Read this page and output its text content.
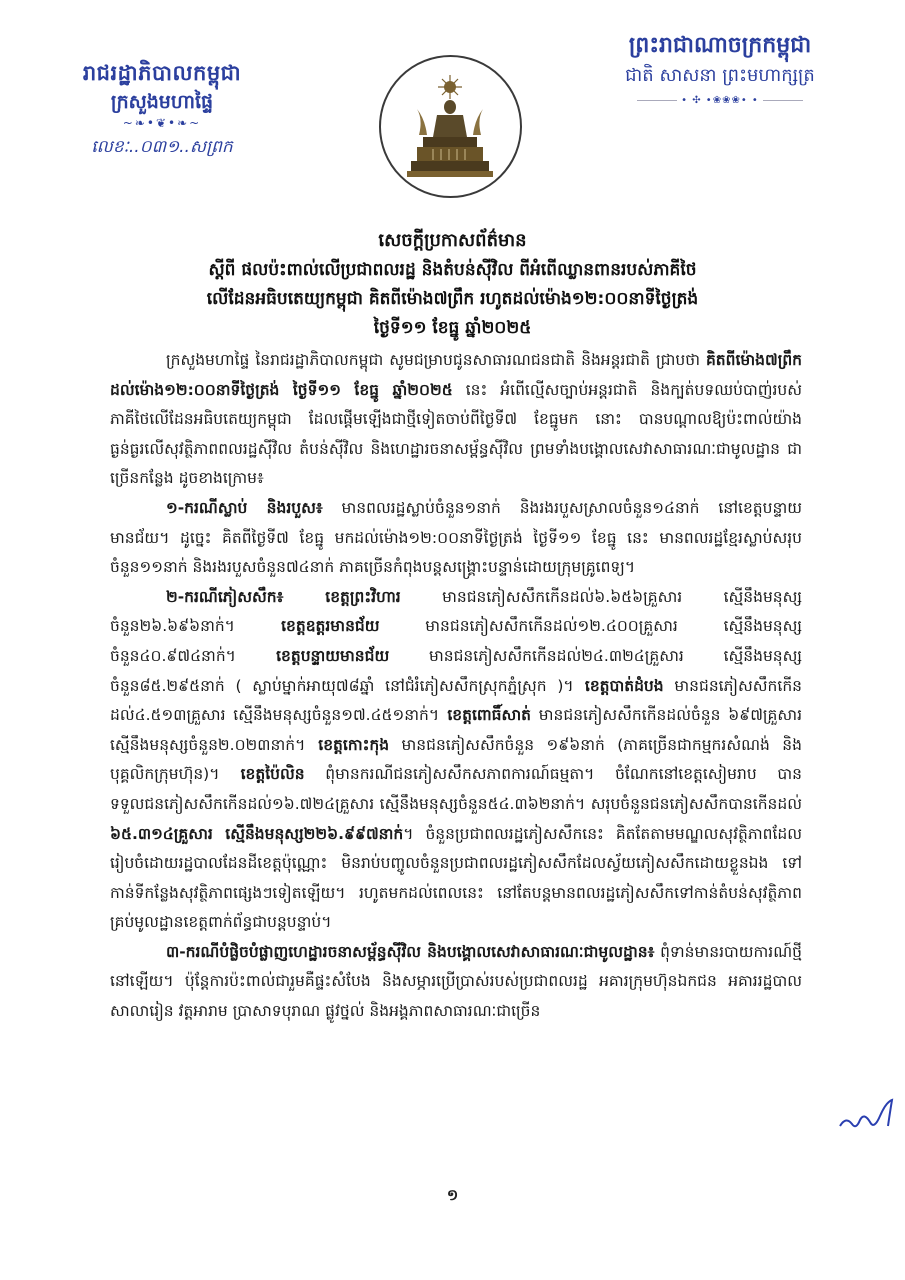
រាជរដ្ឋាភិបាលកម្ពុជា
ក្រសួងមហាផ្ទៃ
~❧•❦•❧~
លេខៈ..០៣១..សព្រក
ព្រះរាជាណាចក្រកម្ពុជា
ជាតិ សាសនា ព្រះមហាក្សត្រ
• ✣ •❀❀❀• •
សេចក្តីប្រកាសព័ត៌មាន
ស្តីពី ផលប៉ះពាល់លើប្រជាពលរដ្ឋ និងតំបន់ស៊ីវិល ពីអំពើឈ្លានពានរបស់ភាគីថៃ
លើដែនអធិបតេយ្យកម្ពុជា គិតពីម៉ោង៧ព្រឹក រហូតដល់ម៉ោង១២:០០នាទីថ្ងៃត្រង់
ថ្ងៃទី១១ ខែធ្នូ ឆ្នាំ២០២៥

ក្រសួងមហាផ្ទៃ នៃរាជរដ្ឋាភិបាលកម្ពុជា សូមជម្រាបជូនសាធារណជនជាតិ និងអន្តរជាតិ ជ្រាបថា គិតពីម៉ោង៧ព្រឹក ដល់ម៉ោង១២:០០នាទីថ្ងៃត្រង់ ថ្ងៃទី១១ ខែធ្នូ ឆ្នាំ២០២៥ នេះ អំពើល្មើសច្បាប់អន្តរជាតិ និងក្បត់បទឈប់បាញ់របស់ភាគីថៃលើដែនអធិបតេយ្យកម្ពុជា ដែលផ្តើមឡើងជាថ្មីទៀតចាប់ពីថ្ងៃទី៧ ខែធ្នូមក នោះ បានបណ្តាលឱ្យប៉ះពាល់យ៉ាងធ្ងន់ធ្ងរលើសុវត្ថិភាពពលរដ្ឋស៊ីវិល តំបន់ស៊ីវិល និងហេដ្ឋារចនាសម្ព័ន្ធស៊ីវិល ព្រមទាំងបង្គោលសេវាសាធារណៈជាមូលដ្ឋាន ជាច្រើនកន្លែង ដូចខាងក្រោម៖

១-ករណីស្លាប់ និងរបួស៖ មានពលរដ្ឋស្លាប់ចំនួន១នាក់ និងរងរបួសស្រាលចំនួន១៤នាក់ នៅខេត្តបន្ទាយមានជ័យ។ ដូច្នេះ គិតពីថ្ងៃទី៧ ខែធ្នូ មកដល់ម៉ោង១២:០០នាទីថ្ងៃត្រង់ ថ្ងៃទី១១ ខែធ្នូ នេះ មានពលរដ្ឋខ្មែរស្លាប់សរុបចំនួន១១នាក់ និងរងរបួសចំនួន៧៤នាក់ ភាគច្រើនកំពុងបន្តសង្គ្រោះបន្ទាន់ដោយក្រុមគ្រូពេទ្យ។

២-ករណីភៀសសឹក៖ ខេត្តព្រះវិហារ មានជនភៀសសឹកកើនដល់៦.៦៥៦គ្រួសារ ស្មើនឹងមនុស្សចំនួន២៦.៦៩៦នាក់។ ខេត្តឧត្តរមានជ័យ មានជនភៀសសឹកកើនដល់១២.៤០០គ្រួសារ ស្មើនឹងមនុស្សចំនួន៤០.៩៧៤នាក់។ ខេត្តបន្ទាយមានជ័យ មានជនភៀសសឹកកើនដល់២៤.៣២៤គ្រួសារ ស្មើនឹងមនុស្សចំនួន៨៥.២៩៥នាក់ ( ស្លាប់ម្នាក់អាយុ៧៨ឆ្នាំ នៅជំរំភៀសសឹកស្រុកភ្នំស្រុក )។ ខេត្តបាត់ដំបង មានជនភៀសសឹកកើនដល់៤.៥១៣គ្រួសារ ស្មើនឹងមនុស្សចំនួន១៧.៤៥១នាក់។ ខេត្តពោធិ៍សាត់ មានជនភៀសសឹកកើនដល់ចំនួន ៦៩៧គ្រួសារ ស្មើនឹងមនុស្សចំនួន២.០២៣នាក់។ ខេត្តកោះកុង មានជនភៀសសឹកចំនួន ១៩៦នាក់ (ភាគច្រើនជាកម្មករសំណង់ និងបុគ្គលិកក្រុមហ៊ុន)។ ខេត្តប៉ៃលិន ពុំមានករណីជនភៀសសឹកសភាពការណ៍ធម្មតា។ ចំណែកនៅខេត្តសៀមរាប បានទទួលជនភៀសសឹកកើនដល់១៦.៧២៤គ្រួសារ ស្មើនឹងមនុស្សចំនួន៥៤.៣៦២នាក់។ សរុបចំនួនជនភៀសសឹកបានកើនដល់ ៦៥.៣១៤គ្រួសារ ស្មើនឹងមនុស្ស២២៦.៩៩៧នាក់។ ចំនួនប្រជាពលរដ្ឋភៀសសឹកនេះ គិតតែតាមមណ្ឌលសុវត្ថិភាពដែលរៀបចំដោយរដ្ឋបាលដែនដីខេត្តប៉ុណ្ណោះ មិនរាប់បញ្ចូលចំនួនប្រជាពលរដ្ឋភៀសសឹកដែលស្វ័យភៀសសឹកដោយខ្លួនឯង ទៅកាន់ទីកន្លែងសុវត្ថិភាពផ្សេងៗទៀតឡើយ។ រហូតមកដល់ពេលនេះ នៅតែបន្តមានពលរដ្ឋភៀសសឹកទៅកាន់តំបន់សុវត្ថិភាពគ្រប់មូលដ្ឋានខេត្តពាក់ព័ន្ធជាបន្តបន្ទាប់។

៣-ករណីបំផ្លិចបំផ្លាញហេដ្ឋារចនាសម្ព័ន្ធស៊ីវិល និងបង្គោលសេវាសាធារណៈជាមូលដ្ឋាន៖ ពុំទាន់មានរបាយការណ៍ថ្មីនៅឡើយ។ ប៉ុន្តែការប៉ះពាល់ជារួមគឺផ្ទះសំបែង និងសម្ភារប្រើប្រាស់របស់ប្រជាពលរដ្ឋ អគារក្រុមហ៊ុនឯកជន អគាររដ្ឋបាល សាលារៀន វត្តអារាម ប្រាសាទបុរាណ ផ្លូវថ្នល់ និងអង្គភាពសាធារណៈជាច្រើន

១
